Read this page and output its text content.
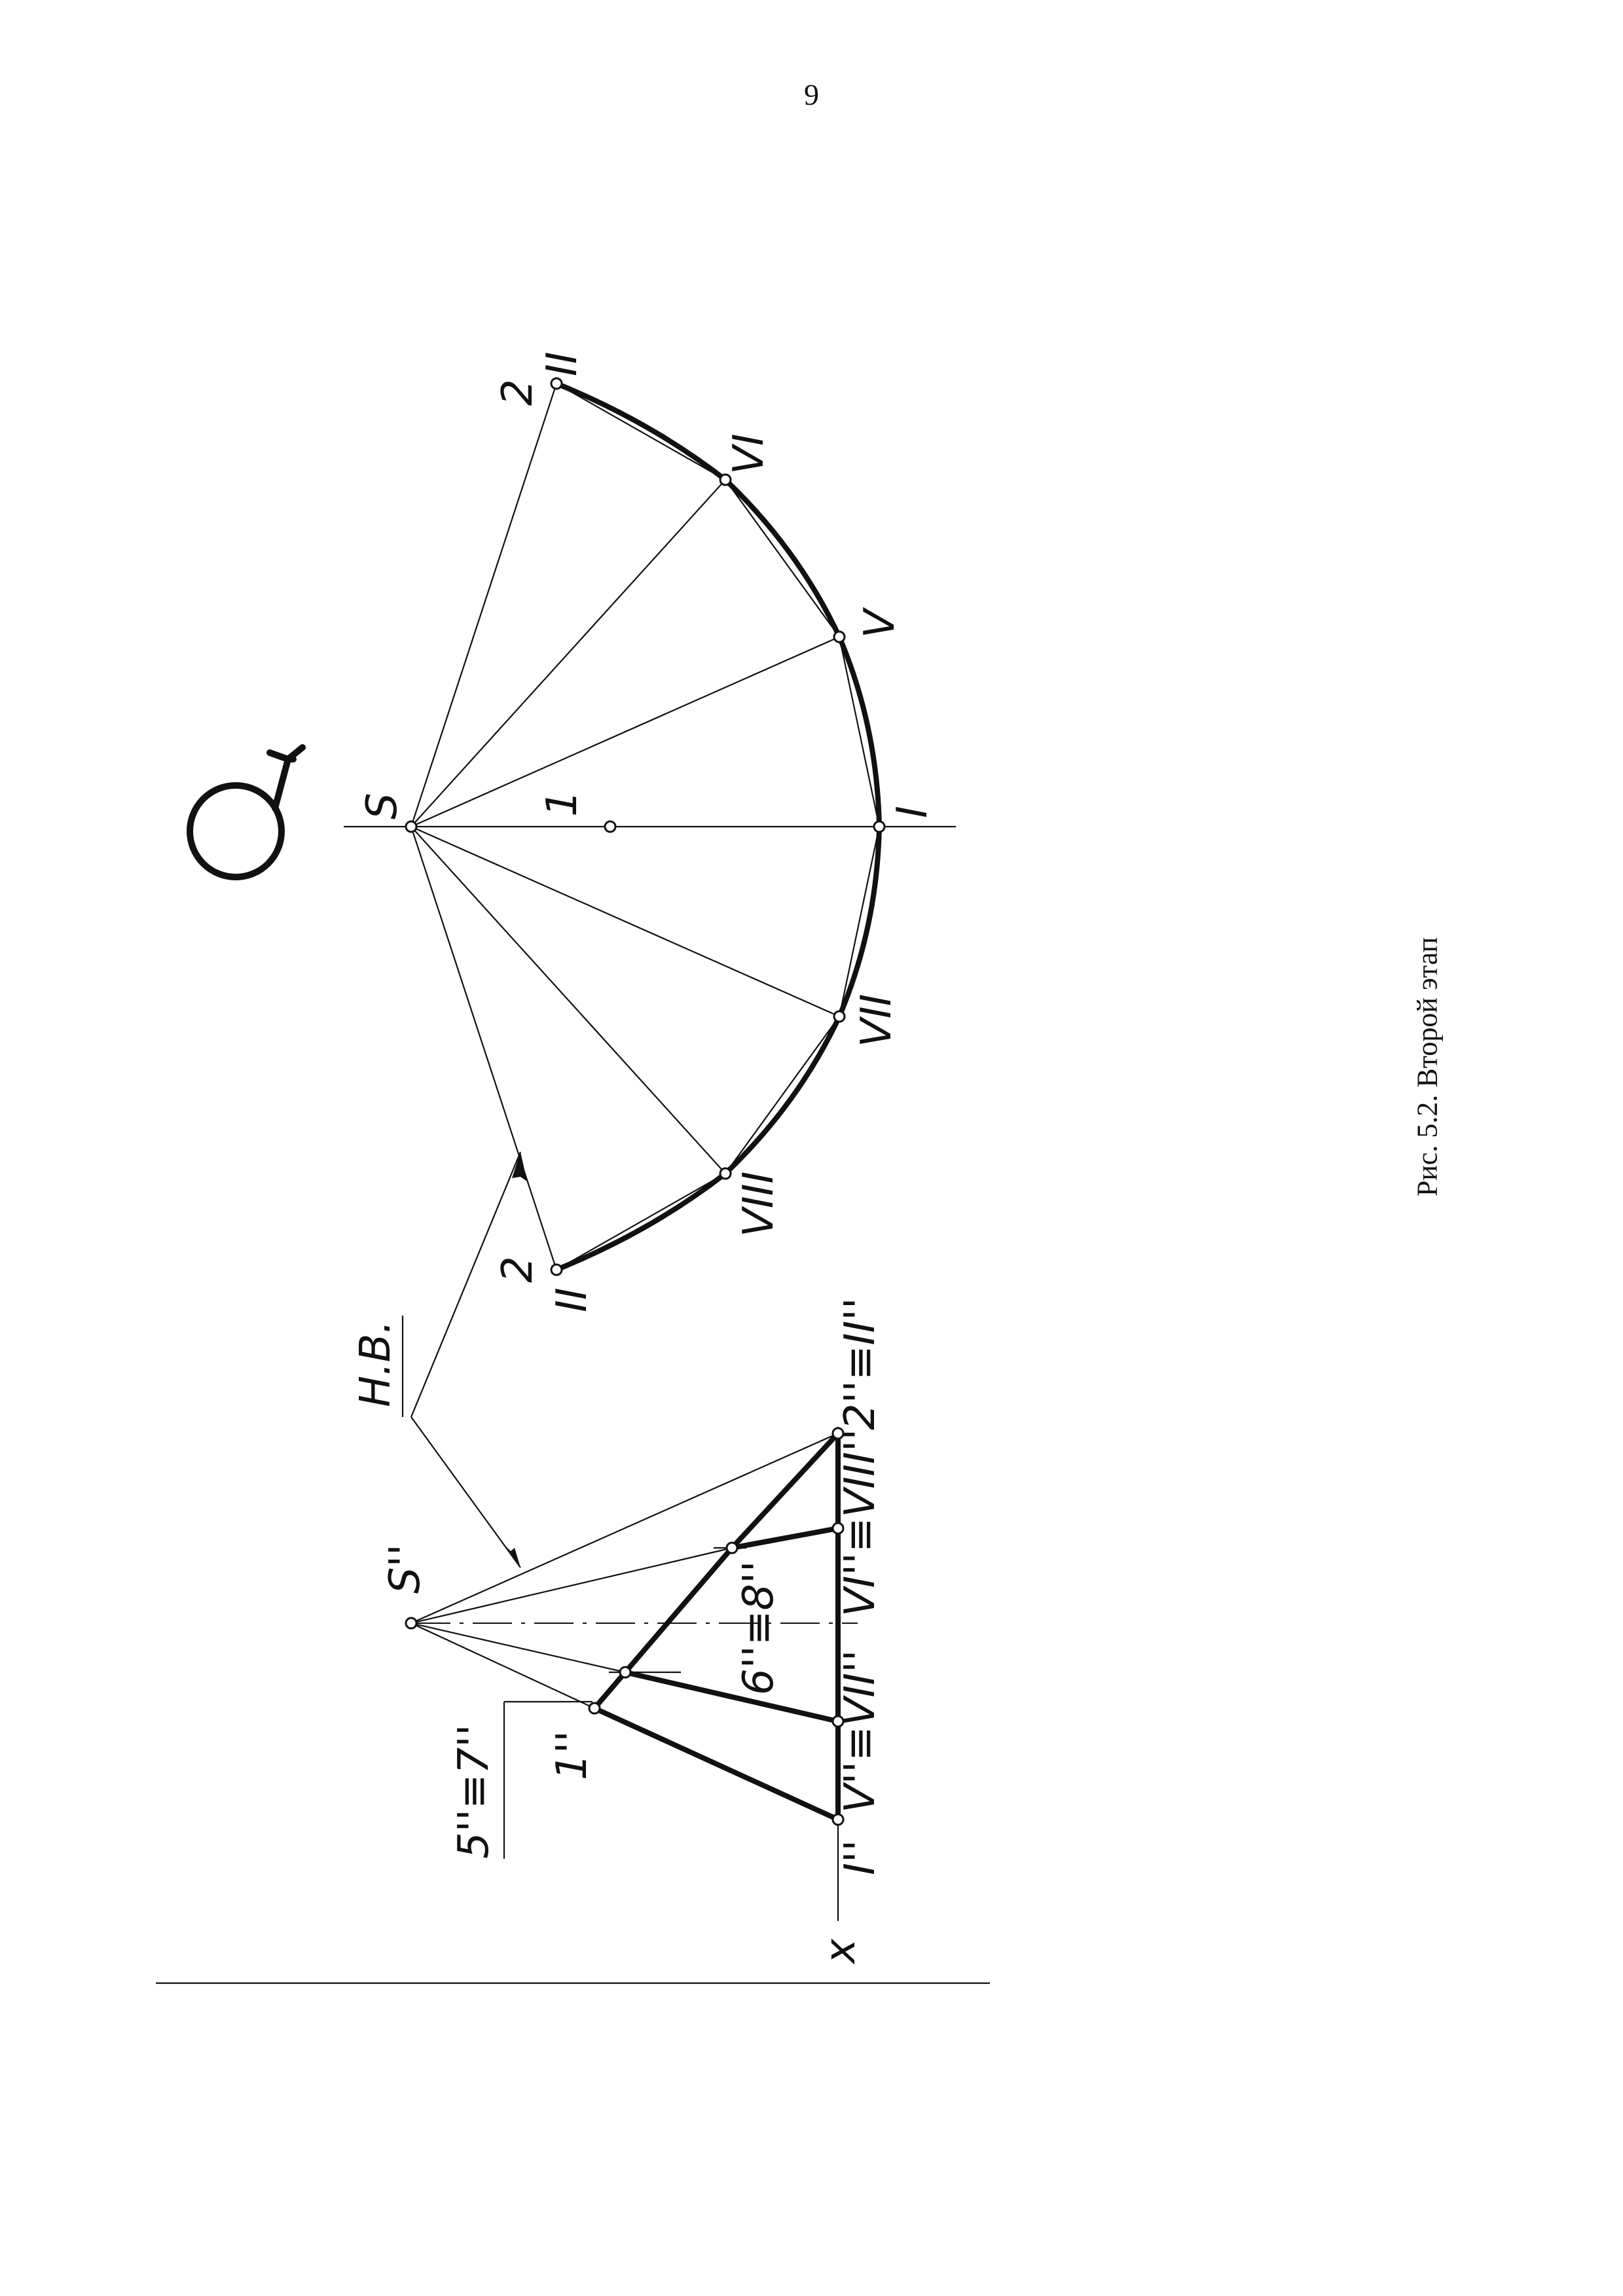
9
S	1	I
V
VI
VII
VIII
2
II
2
II
Н.В.
S''
2''≡II''
6''≡8''
VI''≡VIII''
V''≡VII''
I''
1''
5''≡7''
x
Рис. 5.2. Второй этап
